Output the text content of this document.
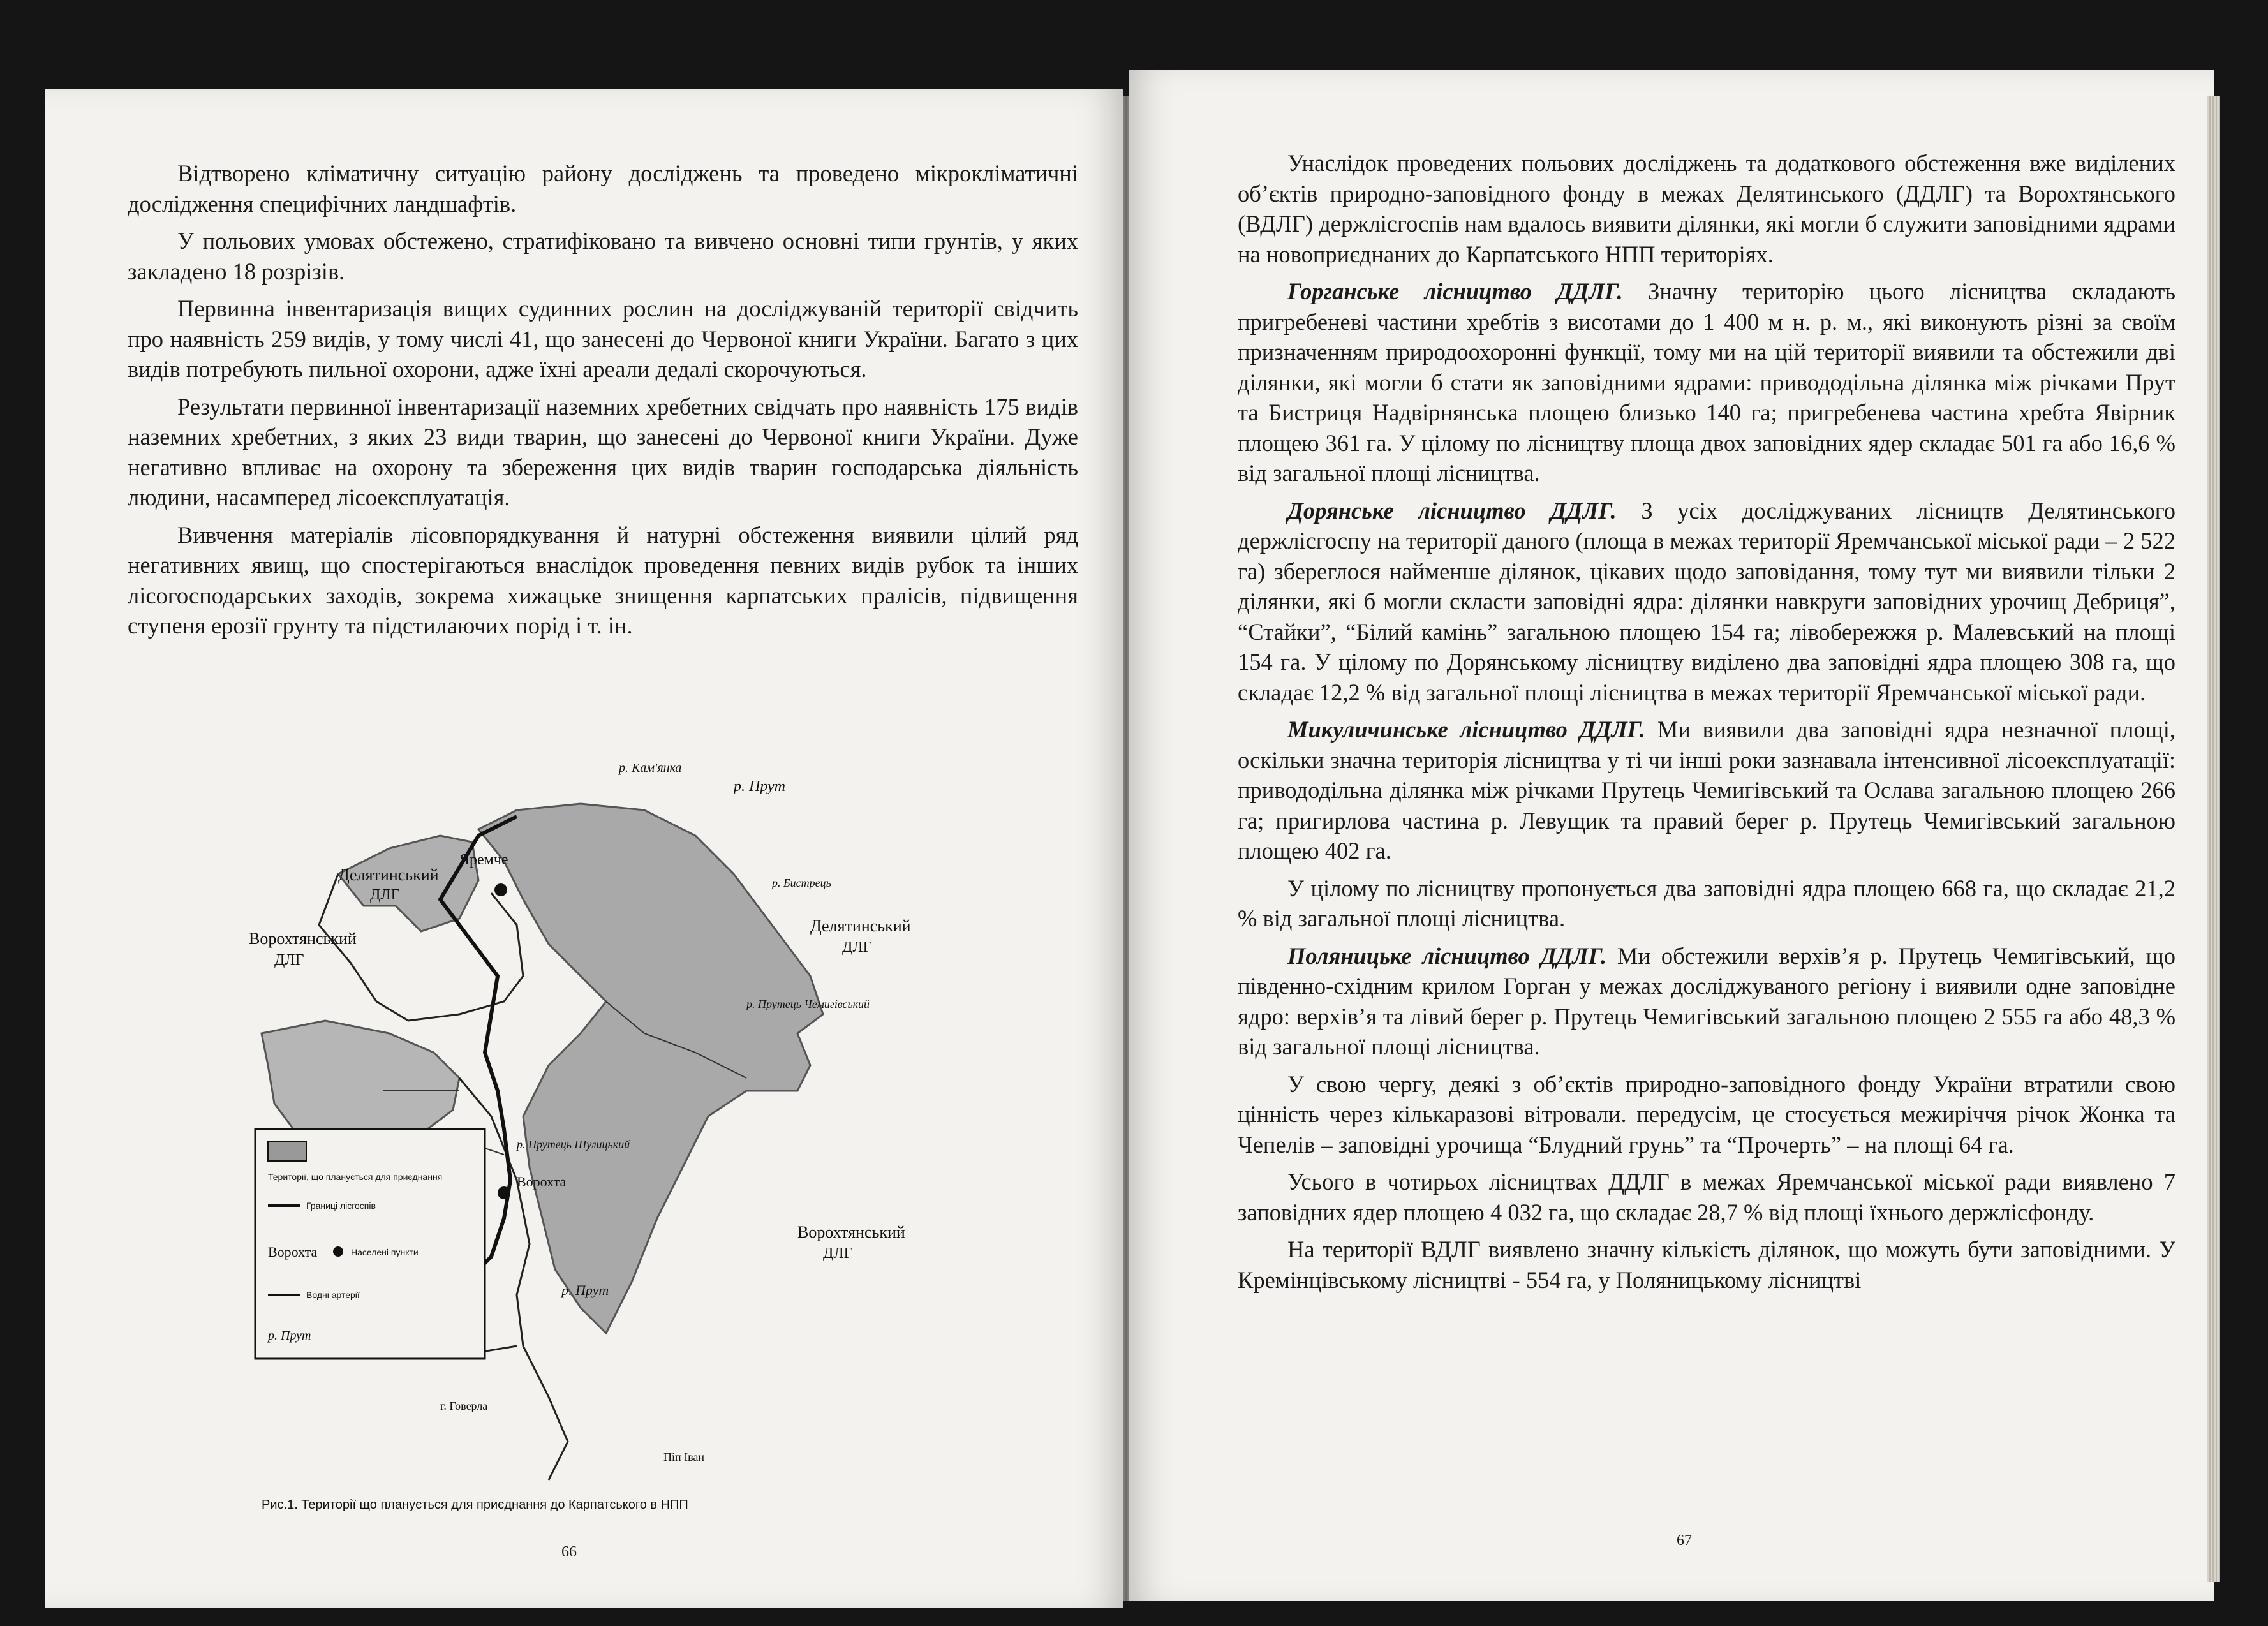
Відтворено кліматичну ситуацію району досліджень та проведено мікрокліматичні дослідження специфічних ландшафтів.

У польових умовах обстежено, стратифіковано та вивчено основні типи грунтів, у яких закладено 18 розрізів.

Первинна інвентаризація вищих судинних рослин на досліджуваній території свідчить про наявність 259 видів, у тому числі 41, що занесені до Червоної книги України. Багато з цих видів потребують пильної охорони, адже їхні ареали дедалі скорочуються.

Результати первинної інвентаризації наземних хребетних свідчать про наявність 175 видів наземних хребетних, з яких 23 види тварин, що занесені до Червоної книги України. Дуже негативно впливає на охорону та збереження цих видів тварин господарська діяльність людини, насамперед лісоексплуатація.

Вивчення матеріалів лісовпорядкування й натурні обстеження виявили цілий ряд негативних явищ, що спостерігаються внаслідок проведення певних видів рубок та інших лісогосподарських заходів, зокрема хижацьке знищення карпатських пралісів, підвищення ступеня ерозії грунту та підстилаючих порід і т. ін.

Делятинський
ДЛГ
Делятинський
ДЛГ
Ворохтянський
ДЛГ
Ворохтянський
ДЛГ
р. Кам'янка
р. Прут
р. Бистрець
р. Прутець Чемигівський
р. Прутець Шулицький
р. Прут
Яремче
Ворохта
г. Говерла
Піп Іван
Території, що планується для приєднання
Границі лісгоспів
Ворохта	Населені пункти
Водні артерії
р. Прут
Рис.1. Території що планується для приєднання до Карпатського в НПП
66

Унаслідок проведених польових досліджень та додаткового обстеження вже виділених об’єктів природно-заповідного фонду в межах Делятинського (ДДЛГ) та Ворохтянського (ВДЛГ) держлісгоспів нам вдалось виявити ділянки, які могли б служити заповідними ядрами на новоприєднаних до Карпатського НПП територіях.

Горганське лісництво ДДЛГ. Значну територію цього лісництва складають пригребеневі частини хребтів з висотами до 1 400 м н. р. м., які виконують різні за своїм призначенням природоохоронні функції, тому ми на цій території виявили та обстежили дві ділянки, які могли б стати як заповідними ядрами: привододільна ділянка між річками Прут та Бистриця Надвірнянська площею близько 140 га; пригребенева частина хребта Явірник площею 361 га. У цілому по лісництву площа двох заповідних ядер складає 501 га або 16,6 % від загальної площі лісництва.

Дорянське лісництво ДДЛГ. З усіх досліджуваних лісництв Делятинського держлісгоспу на території даного (площа в межах території Яремчанської міської ради – 2 522 га) збереглося найменше ділянок, цікавих щодо заповідання, тому тут ми виявили тільки 2 ділянки, які б могли скласти заповідні ядра: ділянки навкруги заповідних урочищ Дебриця”, “Стайки”, “Білий камінь” загальною площею 154 га; лівобережжя р. Малевський на площі 154 га. У цілому по Дорянському лісництву виділено два заповідні ядра площею 308 га, що складає 12,2 % від загальної площі лісництва в межах території Яремчанської міської ради.

Микуличинське лісництво ДДЛГ. Ми виявили два заповідні ядра незначної площі, оскільки значна територія лісництва у ті чи інші роки зазнавала інтенсивної лісоексплуатації: привододільна ділянка між річками Прутець Чемигівський та Ослава загальною площею 266 га; пригирлова частина р. Левущик та правий берег р. Прутець Чемигівський загальною площею 402 га.

У цілому по лісництву пропонується два заповідні ядра площею 668 га, що складає 21,2 % від загальної площі лісництва.

Поляницьке лісництво ДДЛГ. Ми обстежили верхів’я р. Прутець Чемигівський, що південно-східним крилом Горган у межах досліджуваного регіону і виявили одне заповідне ядро: верхів’я та лівий берег р. Прутець Чемигівський загальною площею 2 555 га або 48,3 % від загальної площі лісництва.

У свою чергу, деякі з об’єктів природно-заповідного фонду України втратили свою цінність через кількаразові вітровали. передусім, це стосується межиріччя річок Жонка та Чепелів – заповідні урочища “Блудний грунь” та “Прочерть” – на площі 64 га.

Усього в чотирьох лісництвах ДДЛГ в межах Яремчанської міської ради виявлено 7 заповідних ядер площею 4 032 га, що складає 28,7 % від площі їхнього держлісфонду.

На території ВДЛГ виявлено значну кількість ділянок, що можуть бути заповідними. У Кремінцівському лісництві - 554 га, у Поляницькому лісництві

67
